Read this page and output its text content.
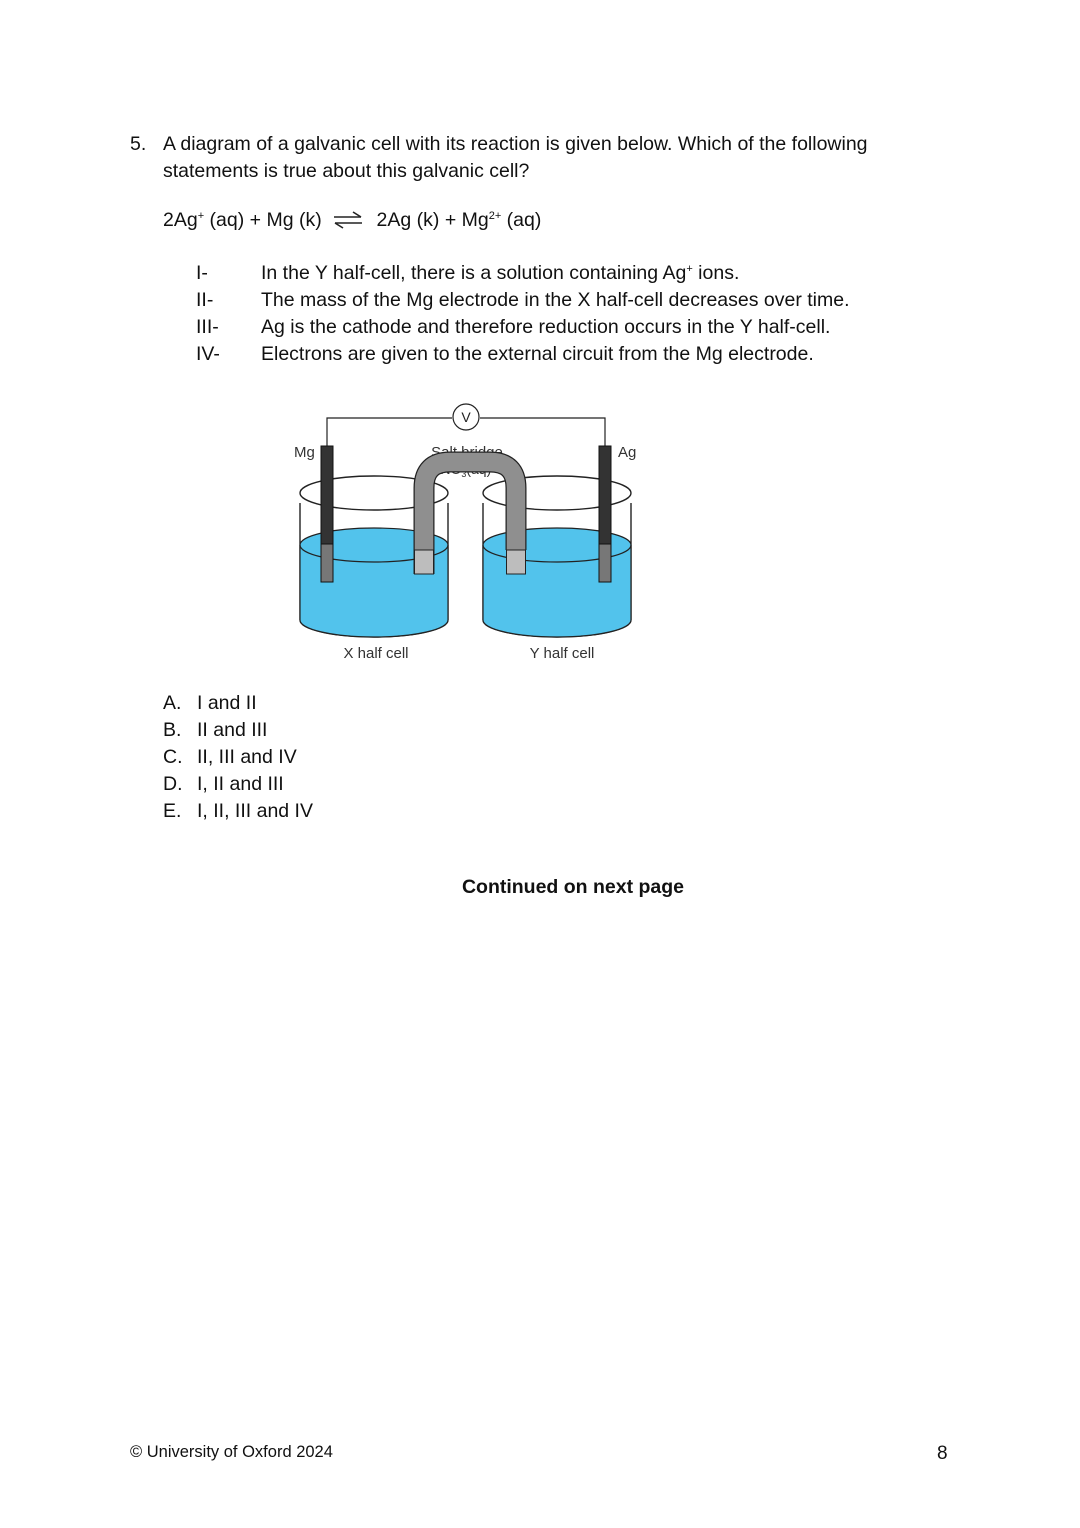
5. A diagram of a galvanic cell with its reaction is given below. Which of the following statements is true about this galvanic cell?
2Ag+ (aq) + Mg (k) ⇌ 2Ag $(k) + Mg^{2+}$ (aq)
I-	In the Y half-cell, there is a solution containing Ag+ ions.
II- The mass of the Mg electrode in the X half-cell decreases over time.
III- Ag is the cathode and therefore reduction occurs in the Y half-cell.
IV- Electrons are given to the external circuit from the Mg electrode.
V
Mg	Ag
Salt bridge
$KNO_3(aq)$
X half cell	Y half cell
A. I and II
B. II and III
C. II, III and IV
D. I, II and III
E. I, II, III and IV
Continued on next page
© University of Oxford 2024	8
